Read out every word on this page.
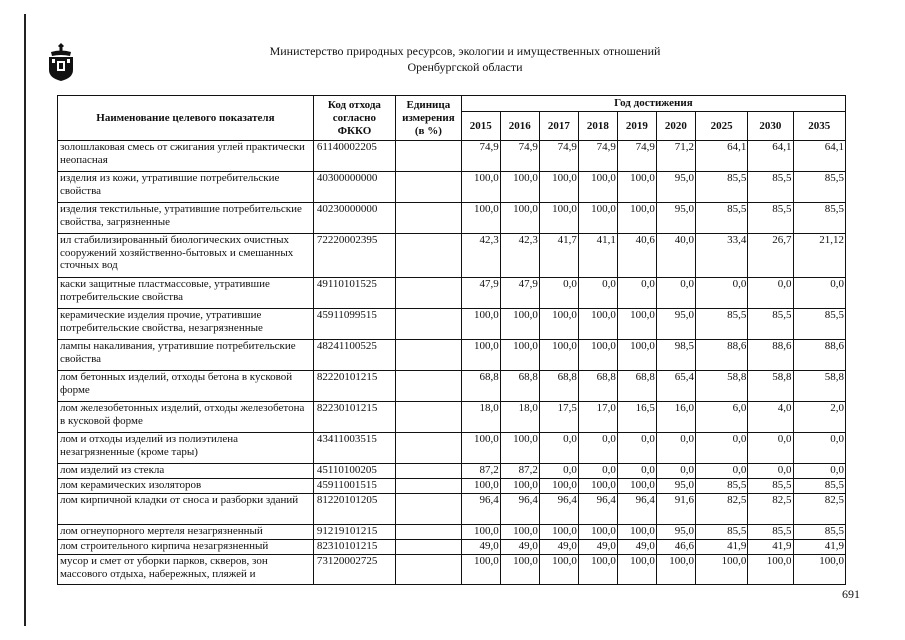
Министерство природных ресурсов, экологии и имущественных отношений
Оренбургской области
Наименование целевого показателя	Код отхода согласно ФККО	Единица измерения (в %)	Год достижения								
			2015	2016	2017	2018	2019	2020	2025	2030	2035

золошлаковая смесь от сжигания углей практически неопасная	61140002205		74,9	74,9	74,9	74,9	74,9	71,2	64,1	64,1	64,1
изделия из кожи, утратившие потребительские свойства	40300000000		100,0	100,0	100,0	100,0	100,0	95,0	85,5	85,5	85,5
изделия текстильные, утратившие потребительские свойства, загрязненные	40230000000		100,0	100,0	100,0	100,0	100,0	95,0	85,5	85,5	85,5
ил стабилизированный биологических очистных сооружений хозяйственно-бытовых и смешанных сточных вод	72220002395		42,3	42,3	41,7	41,1	40,6	40,0	33,4	26,7	21,12
каски защитные пластмассовые, утратившие потребительские свойства	49110101525		47,9	47,9	0,0	0,0	0,0	0,0	0,0	0,0	0,0
керамические изделия прочие, утратившие потребительские свойства, незагрязненные	45911099515		100,0	100,0	100,0	100,0	100,0	95,0	85,5	85,5	85,5
лампы накаливания, утратившие потребительские свойства	48241100525		100,0	100,0	100,0	100,0	100,0	98,5	88,6	88,6	88,6
лом бетонных изделий, отходы бетона в кусковой форме	82220101215		68,8	68,8	68,8	68,8	68,8	65,4	58,8	58,8	58,8
лом железобетонных изделий, отходы железобетона в кусковой форме	82230101215		18,0	18,0	17,5	17,0	16,5	16,0	6,0	4,0	2,0
лом и отходы изделий из полиэтилена незагрязненные (кроме тары)	43411003515		100,0	100,0	0,0	0,0	0,0	0,0	0,0	0,0	0,0
лом изделий из стекла	45110100205		87,2	87,2	0,0	0,0	0,0	0,0	0,0	0,0	0,0
лом керамических изоляторов	45911001515		100,0	100,0	100,0	100,0	100,0	95,0	85,5	85,5	85,5
лом кирпичной кладки от сноса и разборки зданий	81220101205		96,4	96,4	96,4	96,4	96,4	91,6	82,5	82,5	82,5
лом огнеупорного мертеля незагрязненный	91219101215		100,0	100,0	100,0	100,0	100,0	95,0	85,5	85,5	85,5
лом строительного кирпича незагрязненный	82310101215		49,0	49,0	49,0	49,0	49,0	46,6	41,9	41,9	41,9
мусор и смет от уборки парков, скверов, зон массового отдыха, набережных, пляжей и	73120002725		100,0	100,0	100,0	100,0	100,0	100,0	100,0	100,0	100,0
691
